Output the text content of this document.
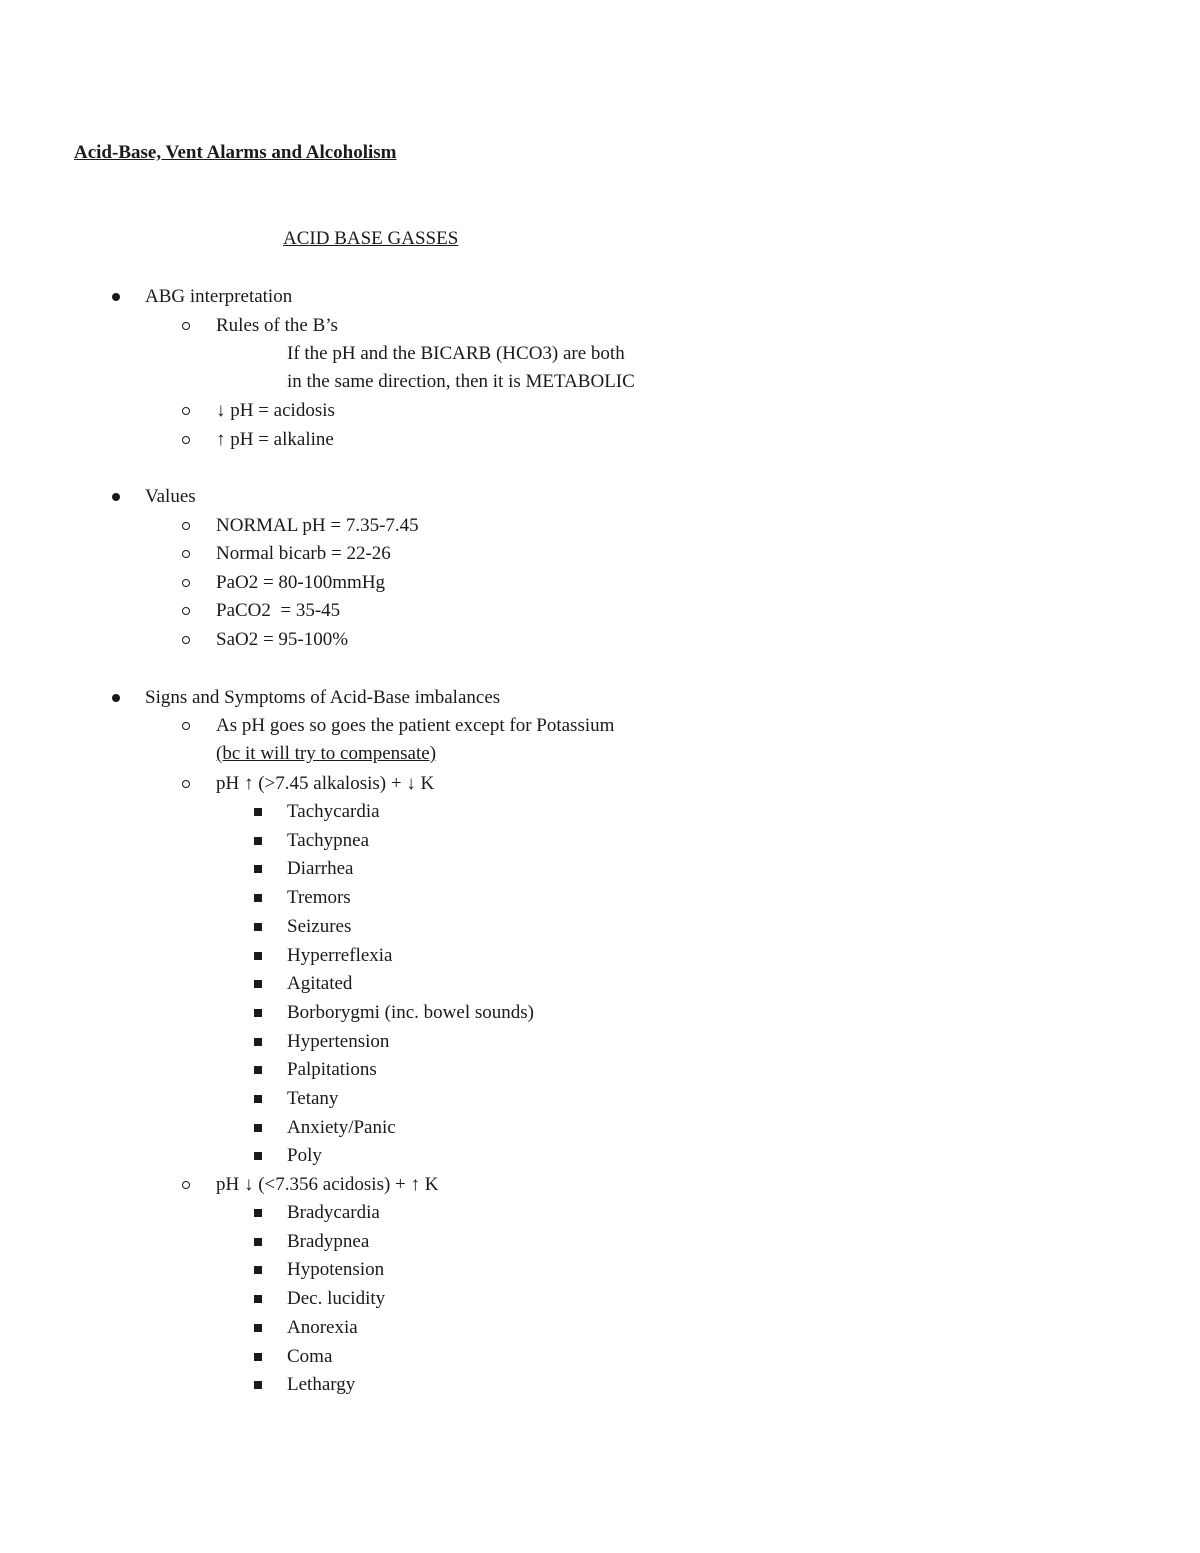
Acid-Base, Vent Alarms and Alcoholism
ACID BASE GASSES
ABG interpretation
Rules of the B’s
If the pH and the BICARB (HCO3) are both
in the same direction, then it is METABOLIC
↓ pH = acidosis
↑ pH = alkaline
Values
NORMAL pH = 7.35-7.45
Normal bicarb = 22-26
PaO2 = 80-100mmHg
PaCO2  = 35-45
SaO2 = 95-100%
Signs and Symptoms of Acid-Base imbalances
As pH goes so goes the patient except for Potassium
(bc it will try to compensate)
pH ↑ (>7.45 alkalosis) + ↓ K
Tachycardia
Tachypnea
Diarrhea
Tremors
Seizures
Hyperreflexia
Agitated
Borborygmi (inc. bowel sounds)
Hypertension
Palpitations
Tetany
Anxiety/Panic
Poly
pH ↓ (<7.356 acidosis) + ↑ K
Bradycardia
Bradypnea
Hypotension
Dec. lucidity
Anorexia
Coma
Lethargy
